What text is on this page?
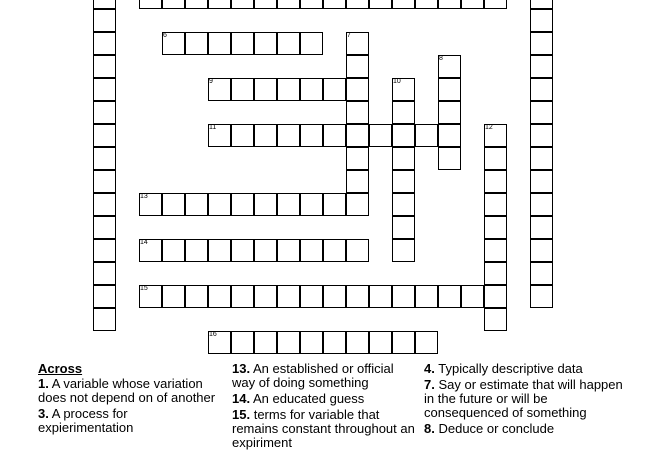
6	7
8
9	10
11	12
13
14
15
16
Across
1. A variable whose variation does not depend on of another
3. A process for expierimentation
13. An established or official way of doing something
14. An educated guess
15. terms for variable that remains constant throughout an expiriment
4. Typically descriptive data
7. Say or estimate that will happen in the future or will be consequenced of something
8. Deduce or conclude
